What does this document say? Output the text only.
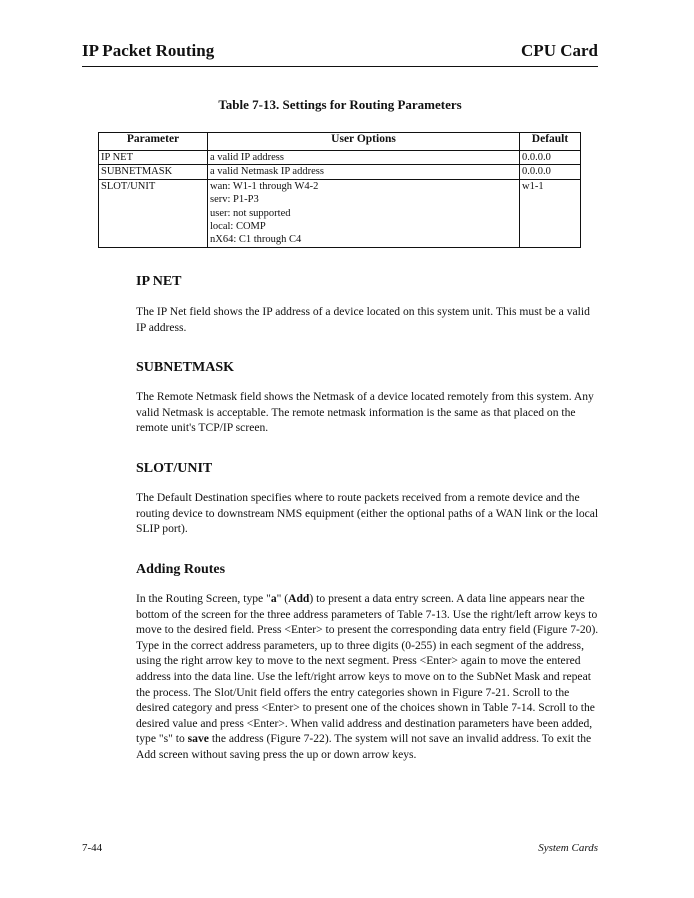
IP Packet Routing	CPU Card
Table 7-13. Settings for Routing Parameters
Parameter	User Options	Default
IP NET	a valid IP address	0.0.0.0
SUBNETMASK	a valid Netmask IP address	0.0.0.0
SLOT/UNIT	wan: W1-1 through W4-2
serv: P1-P3
user: not supported
local: COMP
nX64: C1 through C4	w1-1
IP NET
The IP Net field shows the IP address of a device located on this system unit. This must be a valid IP address.
SUBNETMASK
The Remote Netmask field shows the Netmask of a device located remotely from this system. Any valid Netmask is acceptable. The remote netmask information is the same as that placed on the remote unit's TCP/IP screen.
SLOT/UNIT
The Default Destination specifies where to route packets received from a remote device and the routing device to downstream NMS equipment (either the optional paths of a WAN link or the local SLIP port).
Adding Routes
In the Routing Screen, type "a" (Add) to present a data entry screen. A data line appears near the bottom of the screen for the three address parameters of Table 7-13. Use the right/left arrow keys to move to the desired field. Press <Enter> to present the corresponding data entry field (Figure 7-20). Type in the correct address parameters, up to three digits (0-255) in each segment of the address, using the right arrow key to move to the next segment. Press <Enter> again to move the entered address into the data line. Use the left/right arrow keys to move on to the SubNet Mask and repeat the process. The Slot/Unit field offers the entry categories shown in Figure 7-21. Scroll to the desired category and press <Enter> to present one of the choices shown in Table 7-14. Scroll to the desired value and press <Enter>. When valid address and destination parameters have been added, type "s" to save the address (Figure 7-22). The system will not save an invalid address. To exit the Add screen without saving press the up or down arrow keys.
7-44	System Cards
